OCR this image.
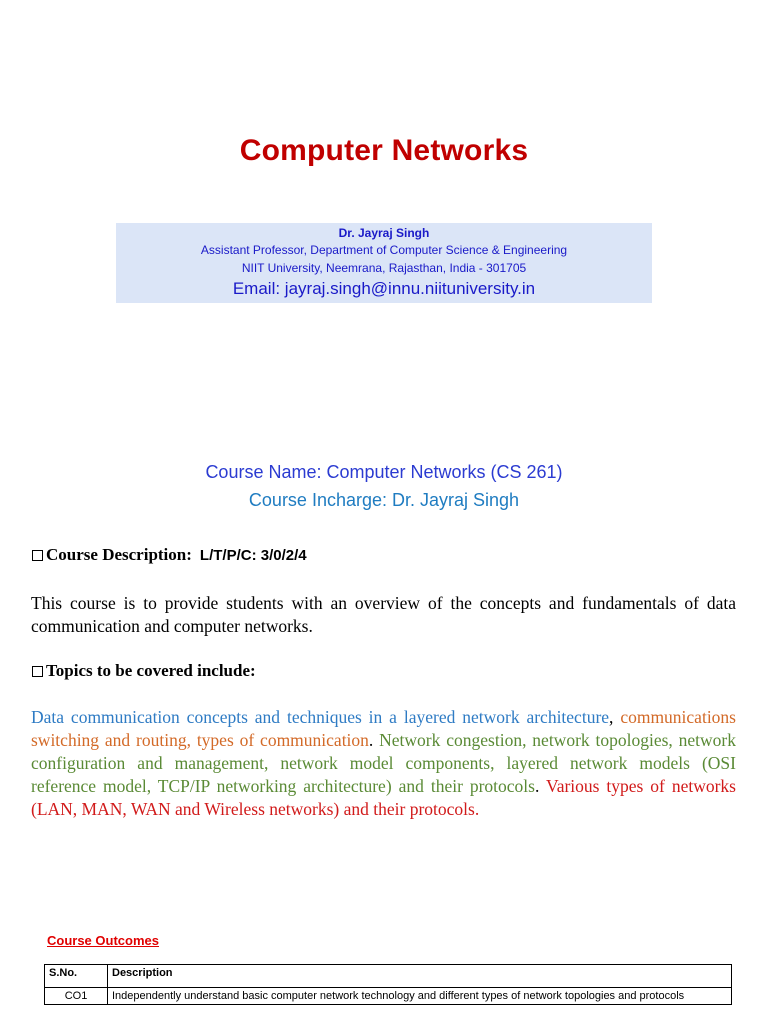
Computer Networks
Dr. Jayraj Singh
Assistant Professor, Department of Computer Science & Engineering
NIIT University, Neemrana, Rajasthan, India - 301705
Email: jayraj.singh@innu.niituniversity.in
Course Name: Computer Networks (CS 261)
Course Incharge: Dr. Jayraj Singh
Course Description: L/T/P/C: 3/0/2/4
This course is to provide students with an overview of the concepts and fundamentals of data communication and computer networks.
Topics to be covered include:
Data communication concepts and techniques in a layered network architecture, communications switching and routing, types of communication. Network congestion, network topologies, network configuration and management, network model components, layered network models (OSI reference model, TCP/IP networking architecture) and their protocols. Various types of networks (LAN, MAN, WAN and Wireless networks) and their protocols.
Course Outcomes
S.No.	Description
CO1	Independently understand basic computer network technology and different types of network topologies and protocols
